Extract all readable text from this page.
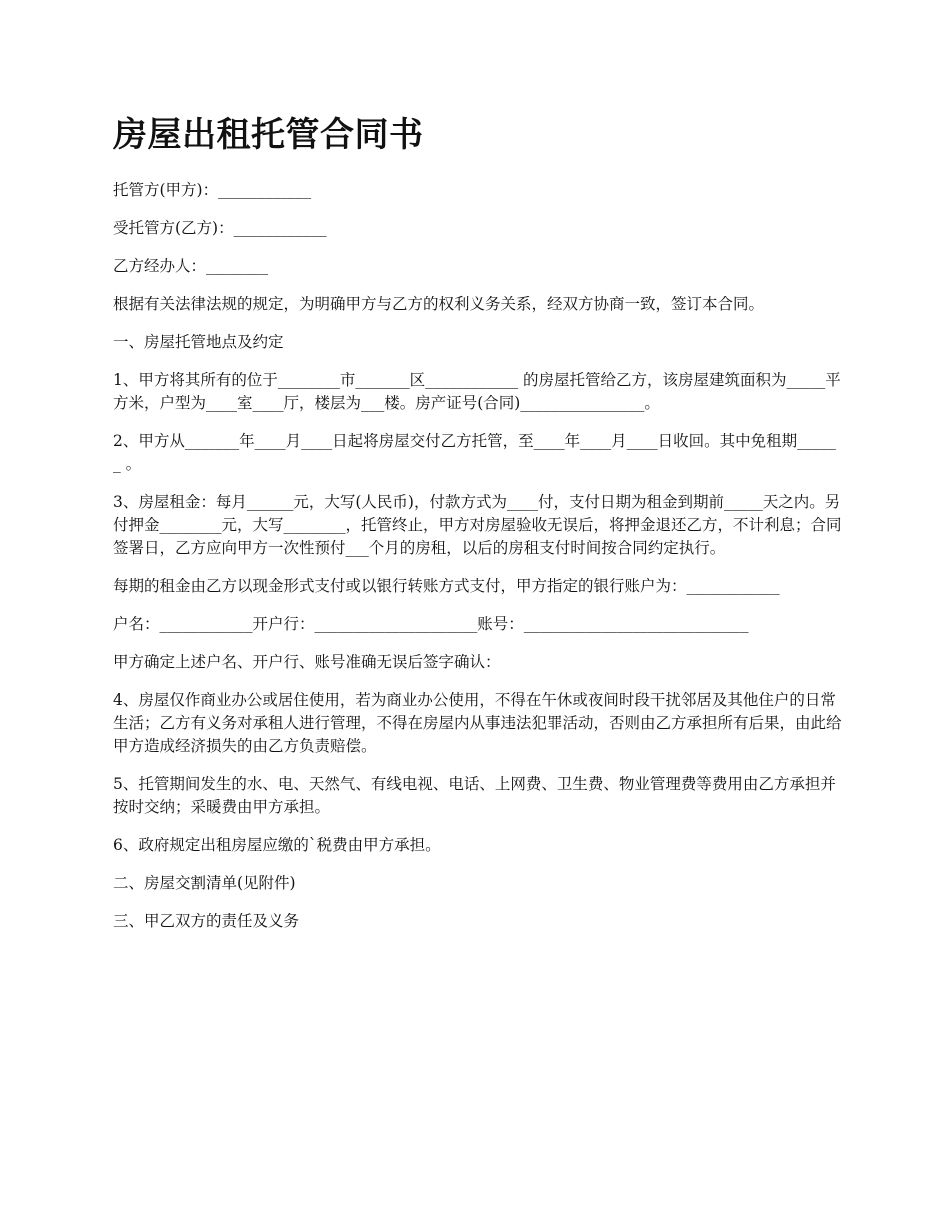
房屋出租托管合同书

托管方(甲方)：____________

受托管方(乙方)：____________

乙方经办人：________

根据有关法律法规的规定，为明确甲方与乙方的权利义务关系，经双方协商一致，签订本合同。

一、房屋托管地点及约定

1、甲方将其所有的位于________市_______区____________ 的房屋托管给乙方，该房屋建筑面积为_____平方米，户型为____室____厅，楼层为___楼。房产证号(合同)________________。

2、甲方从_______年____月____日起将房屋交付乙方托管，至____年____月____日收回。其中免租期______ 。

3、房屋租金：每月______元，大写(人民币)，付款方式为____付，支付日期为租金到期前_____天之内。另付押金________元，大写________，托管终止，甲方对房屋验收无误后，将押金退还乙方，不计利息；合同签署日，乙方应向甲方一次性预付___个月的房租，以后的房租支付时间按合同约定执行。

每期的租金由乙方以现金形式支付或以银行转账方式支付，甲方指定的银行账户为：____________

户名：____________开户行：_____________________账号：_____________________________

甲方确定上述户名、开户行、账号准确无误后签字确认：

4、房屋仅作商业办公或居住使用，若为商业办公使用，不得在午休或夜间时段干扰邻居及其他住户的日常生活；乙方有义务对承租人进行管理，不得在房屋内从事违法犯罪活动，否则由乙方承担所有后果，由此给甲方造成经济损失的由乙方负责赔偿。

5、托管期间发生的水、电、天然气、有线电视、电话、上网费、卫生费、物业管理费等费用由乙方承担并按时交纳；采暖费由甲方承担。

6、政府规定出租房屋应缴的`税费由甲方承担。

二、房屋交割清单(见附件)

三、甲乙双方的责任及义务
